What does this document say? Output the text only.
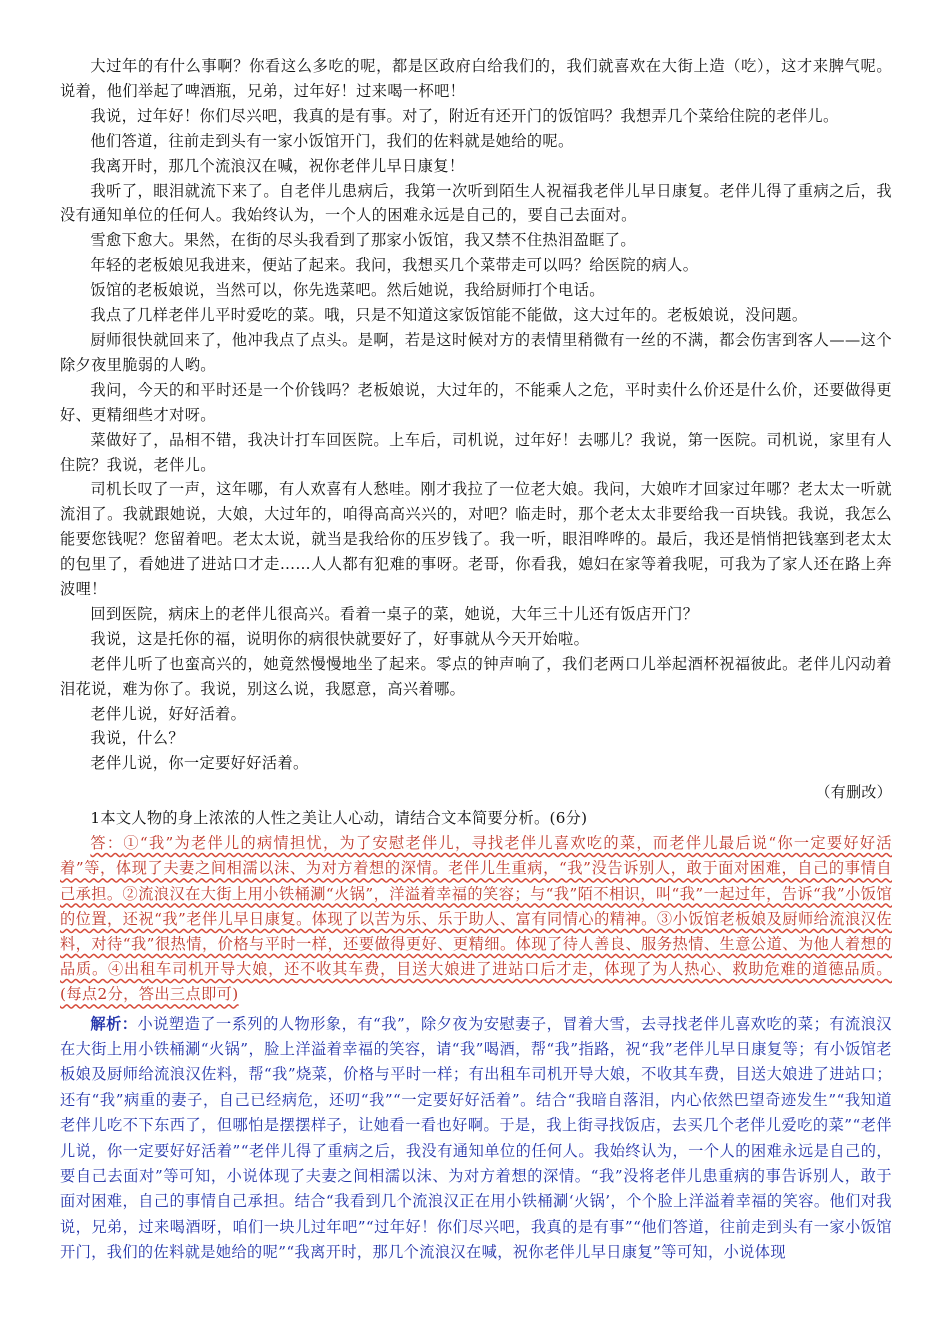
大过年的有什么事啊？你看这么多吃的呢，都是区政府白给我们的，我们就喜欢在大街上造（吃），这才来脾气呢。说着，他们举起了啤酒瓶，兄弟，过年好！过来喝一杯吧！

我说，过年好！你们尽兴吧，我真的是有事。对了，附近有还开门的饭馆吗？我想弄几个菜给住院的老伴儿。

他们答道，往前走到头有一家小饭馆开门，我们的佐料就是她给的呢。

我离开时，那几个流浪汉在喊，祝你老伴儿早日康复！

我听了，眼泪就流下来了。自老伴儿患病后，我第一次听到陌生人祝福我老伴儿早日康复。老伴儿得了重病之后，我没有通知单位的任何人。我始终认为，一个人的困难永远是自己的，要自己去面对。

雪愈下愈大。果然，在街的尽头我看到了那家小饭馆，我又禁不住热泪盈眶了。

年轻的老板娘见我进来，便站了起来。我问，我想买几个菜带走可以吗？给医院的病人。

饭馆的老板娘说，当然可以，你先选菜吧。然后她说，我给厨师打个电话。

我点了几样老伴儿平时爱吃的菜。哦，只是不知道这家饭馆能不能做，这大过年的。老板娘说，没问题。

厨师很快就回来了，他冲我点了点头。是啊，若是这时候对方的表情里稍微有一丝的不满，都会伤害到客人——这个除夕夜里脆弱的人哟。

我问，今天的和平时还是一个价钱吗？老板娘说，大过年的，不能乘人之危，平时卖什么价还是什么价，还要做得更好、更精细些才对呀。

菜做好了，品相不错，我决计打车回医院。上车后，司机说，过年好！去哪儿？我说，第一医院。司机说，家里有人住院？我说，老伴儿。

司机长叹了一声，这年哪，有人欢喜有人愁哇。刚才我拉了一位老大娘。我问，大娘咋才回家过年哪？老太太一听就流泪了。我就跟她说，大娘，大过年的，咱得高高兴兴的，对吧？临走时，那个老太太非要给我一百块钱。我说，我怎么能要您钱呢？您留着吧。老太太说，就当是我给你的压岁钱了。我一听，眼泪哗哗的。最后，我还是悄悄把钱塞到老太太的包里了，看她进了进站口才走……人人都有犯难的事呀。老哥，你看我，媳妇在家等着我呢，可我为了家人还在路上奔波哩！

回到医院，病床上的老伴儿很高兴。看着一桌子的菜，她说，大年三十儿还有饭店开门？

我说，这是托你的福，说明你的病很快就要好了，好事就从今天开始啦。

老伴儿听了也蛮高兴的，她竟然慢慢地坐了起来。零点的钟声响了，我们老两口儿举起酒杯祝福彼此。老伴儿闪动着泪花说，难为你了。我说，别这么说，我愿意，高兴着哪。

老伴儿说，好好活着。

我说，什么？

老伴儿说，你一定要好好活着。

（有删改）
1本文人物的身上浓浓的人性之美让人心动，请结合文本简要分析。(6分)

答：①“我”为老伴儿的病情担忧，为了安慰老伴儿，寻找老伴儿喜欢吃的菜，而老伴儿最后说“你一定要好好活着”等，体现了夫妻之间相濡以沫、为对方着想的深情。老伴儿生重病，“我”没告诉别人，敢于面对困难，自己的事情自己承担。②流浪汉在大街上用小铁桶涮“火锅”，洋溢着幸福的笑容；与“我”陌不相识，叫“我”一起过年，告诉“我”小饭馆的位置，还祝“我”老伴儿早日康复。体现了以苦为乐、乐于助人、富有同情心的精神。③小饭馆老板娘及厨师给流浪汉佐料，对待“我”很热情，价格与平时一样，还要做得更好、更精细。体现了待人善良、服务热情、生意公道、为他人着想的品质。④出租车司机开导大娘，还不收其车费，目送大娘进了进站口后才走，体现了为人热心、救助危难的道德品质。(每点2分，答出三点即可)

解析：小说塑造了一系列的人物形象，有“我”，除夕夜为安慰妻子，冒着大雪，去寻找老伴儿喜欢吃的菜；有流浪汉在大街上用小铁桶涮“火锅”，脸上洋溢着幸福的笑容，请“我”喝酒，帮“我”指路，祝“我”老伴儿早日康复等；有小饭馆老板娘及厨师给流浪汉佐料，帮“我”烧菜，价格与平时一样；有出租车司机开导大娘，不收其车费，目送大娘进了进站口；还有“我”病重的妻子，自己已经病危，还叨“我”“一定要好好活着”。结合“我暗自落泪，内心依然巴望奇迹发生”“我知道老伴儿吃不下东西了，但哪怕是摆摆样子，让她看一看也好啊。于是，我上街寻找饭店，去买几个老伴儿爱吃的菜”“老伴儿说，你一定要好好活着”“老伴儿得了重病之后，我没有通知单位的任何人。我始终认为，一个人的困难永远是自己的，要自己去面对”等可知，小说体现了夫妻之间相濡以沫、为对方着想的深情。“我”没将老伴儿患重病的事告诉别人，敢于面对困难，自己的事情自己承担。结合“我看到几个流浪汉正在用小铁桶涮‘火锅’，个个脸上洋溢着幸福的笑容。他们对我说，兄弟，过来喝酒呀，咱们一块儿过年吧”“过年好！你们尽兴吧，我真的是有事”“他们答道，往前走到头有一家小饭馆开门，我们的佐料就是她给的呢”“我离开时，那几个流浪汉在喊，祝你老伴儿早日康复”等可知，小说体现
